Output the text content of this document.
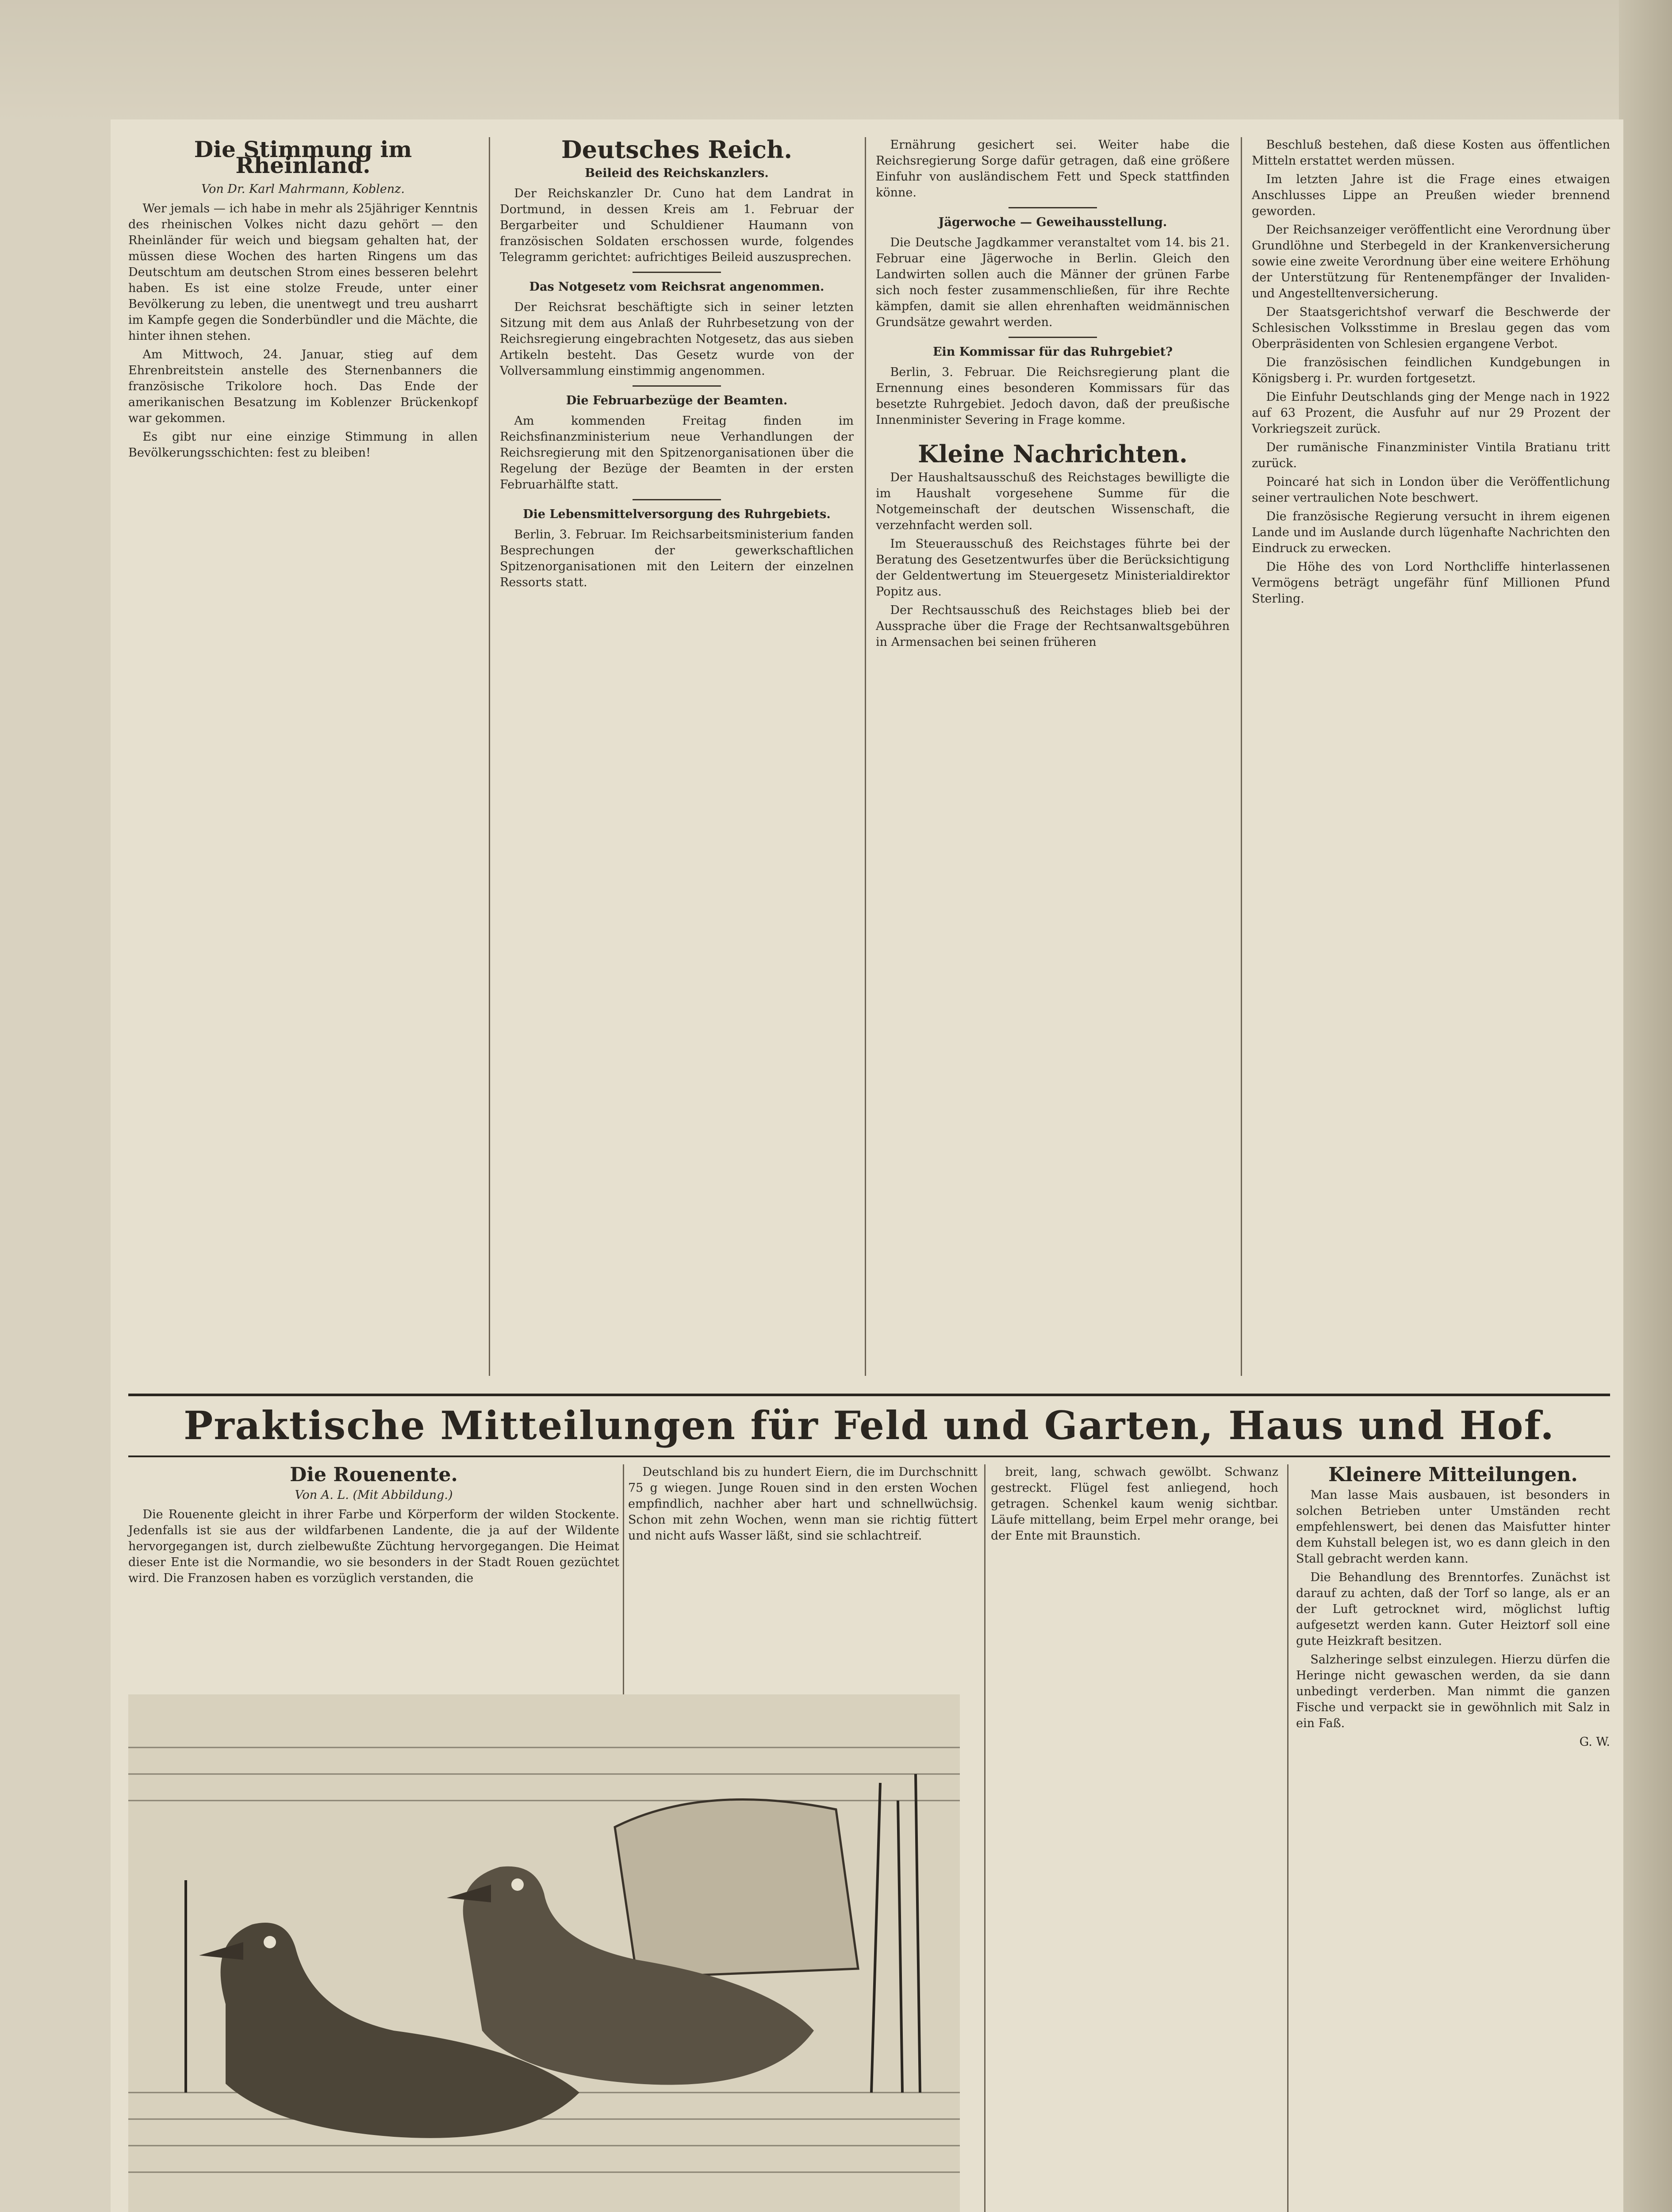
Die Stimmung im Rheinland.
Von Dr. Karl Mahrmann, Koblenz.

Wer jemals — ich habe in mehr als 25jähriger Kenntnis des rheinischen Volkes nicht dazu gehört — den Rheinländer für weich und biegsam gehalten hat, der müssen diese Wochen des harten Ringens um das Deutschtum am deutschen Strom eines besseren belehrt haben. Es ist eine stolze Freude, unter einer Bevölkerung zu leben, die unentwegt und treu ausharrt im Kampfe gegen die Sonderbündler und die Mächte, die hinter ihnen stehen.

Am Mittwoch, 24. Januar, stieg auf dem Ehrenbreitstein anstelle des Sternenbanners die französische Trikolore hoch. Das Ende der amerikanischen Besatzung im Koblenzer Brückenkopf war gekommen.

Es gibt nur eine einzige Stimmung in allen Bevölkerungsschichten: fest zu bleiben!

Deutsches Reich.
Beileid des Reichskanzlers.

Der Reichskanzler Dr. Cuno hat dem Landrat in Dortmund, in dessen Kreis am 1. Februar der Bergarbeiter und Schuldiener Haumann von französischen Soldaten erschossen wurde, folgendes Telegramm gerichtet: aufrichtiges Beileid auszusprechen.

Das Notgesetz vom Reichsrat angenommen.

Der Reichsrat beschäftigte sich in seiner letzten Sitzung mit dem aus Anlaß der Ruhrbesetzung von der Reichsregierung eingebrachten Notgesetz, das aus sieben Artikeln besteht. Das Gesetz wurde von der Vollversammlung einstimmig angenommen.

Die Februarbezüge der Beamten.

Am kommenden Freitag finden im Reichsfinanzministerium neue Verhandlungen der Reichsregierung mit den Spitzenorganisationen über die Regelung der Bezüge der Beamten in der ersten Februarhälfte statt.

Die Lebensmittelversorgung des Ruhrgebiets.

Berlin, 3. Februar. Im Reichsarbeitsministerium fanden Besprechungen der gewerkschaftlichen Spitzenorganisationen mit den Leitern der einzelnen Ressorts statt.

Ernährung gesichert sei. Weiter habe die Reichsregierung Sorge dafür getragen, daß eine größere Einfuhr von ausländischem Fett und Speck stattfinden könne.

Jägerwoche — Geweihausstellung.

Die Deutsche Jagdkammer veranstaltet vom 14. bis 21. Februar eine Jägerwoche in Berlin. Gleich den Landwirten sollen auch die Männer der grünen Farbe sich noch fester zusammenschließen, für ihre Rechte kämpfen, damit sie allen ehrenhaften weidmännischen Grundsätze gewahrt werden.

Ein Kommissar für das Ruhrgebiet?

Berlin, 3. Februar. Die Reichsregierung plant die Ernennung eines besonderen Kommissars für das besetzte Ruhrgebiet. Jedoch davon, daß der preußische Innenminister Severing in Frage komme.

Kleine Nachrichten.

Der Haushaltsausschuß des Reichstages bewilligte die im Haushalt vorgesehene Summe für die Notgemeinschaft der deutschen Wissenschaft, die verzehnfacht werden soll.

Im Steuerausschuß des Reichstages führte bei der Beratung des Gesetzentwurfes über die Berücksichtigung der Geldentwertung im Steuergesetz Ministerialdirektor Popitz aus.

Der Rechtsausschuß des Reichstages blieb bei der Aussprache über die Frage der Rechtsanwaltsgebühren in Armensachen bei seinen früheren

Beschluß bestehen, daß diese Kosten aus öffentlichen Mitteln erstattet werden müssen.

Im letzten Jahre ist die Frage eines etwaigen Anschlusses Lippe an Preußen wieder brennend geworden.

Der Reichsanzeiger veröffentlicht eine Verordnung über Grundlöhne und Sterbegeld in der Krankenversicherung sowie eine zweite Verordnung über eine weitere Erhöhung der Unterstützung für Rentenempfänger der Invaliden- und Angestelltenversicherung.

Der Staatsgerichtshof verwarf die Beschwerde der Schlesischen Volksstimme in Breslau gegen das vom Oberpräsidenten von Schlesien ergangene Verbot.

Die französischen feindlichen Kundgebungen in Königsberg i. Pr. wurden fortgesetzt.

Die Einfuhr Deutschlands ging der Menge nach in 1922 auf 63 Prozent, die Ausfuhr auf nur 29 Prozent der Vorkriegszeit zurück.

Der rumänische Finanzminister Vintila Bratianu tritt zurück.

Poincaré hat sich in London über die Veröffentlichung seiner vertraulichen Note beschwert.

Die französische Regierung versucht in ihrem eigenen Lande und im Auslande durch lügenhafte Nachrichten den Eindruck zu erwecken.

Die Höhe des von Lord Northcliffe hinterlassenen Vermögens beträgt ungefähr fünf Millionen Pfund Sterling.

Praktische Mitteilungen für Feld und Garten, Haus und Hof.
Die Rouenente.
Von A. L. (Mit Abbildung.)

Die Rouenente gleicht in ihrer Farbe und Körperform der wilden Stockente. Jedenfalls ist sie aus der wildfarbenen Landente, die ja auf der Wildente hervorgegangen ist, durch zielbewußte Züchtung hervorgegangen. Die Heimat dieser Ente ist die Normandie, wo sie besonders in der Stadt Rouen gezüchtet wird. Die Franzosen haben es vorzüglich verstanden, die

Deutschland bis zu hundert Eiern, die im Durchschnitt 75 g wiegen. Junge Rouen sind in den ersten Wochen empfindlich, nachher aber hart und schnellwüchsig. Schon mit zehn Wochen, wenn man sie richtig füttert und nicht aufs Wasser läßt, sind sie schlachtreif.

breit, lang, schwach gewölbt. Schwanz gestreckt. Flügel fest anliegend, hoch getragen. Schenkel kaum wenig sichtbar. Läufe mittellang, beim Erpel mehr orange, bei der Ente mit Braunstich.

Kleinere Mitteilungen.

Man lasse Mais ausbauen, ist besonders in solchen Betrieben unter Umständen recht empfehlenswert, bei denen das Maisfutter hinter dem Kuhstall belegen ist, wo es dann gleich in den Stall gebracht werden kann.

Die Behandlung des Brenntorfes. Zunächst ist darauf zu achten, daß der Torf so lange, als er an der Luft getrocknet wird, möglichst luftig aufgesetzt werden kann. Guter Heiztorf soll eine gute Heizkraft besitzen.

Salzheringe selbst einzulegen. Hierzu dürfen die Heringe nicht gewaschen werden, da sie dann unbedingt verderben. Man nimmt die ganzen Fische und verpackt sie in gewöhnlich mit Salz in ein Faß.

G. W.
